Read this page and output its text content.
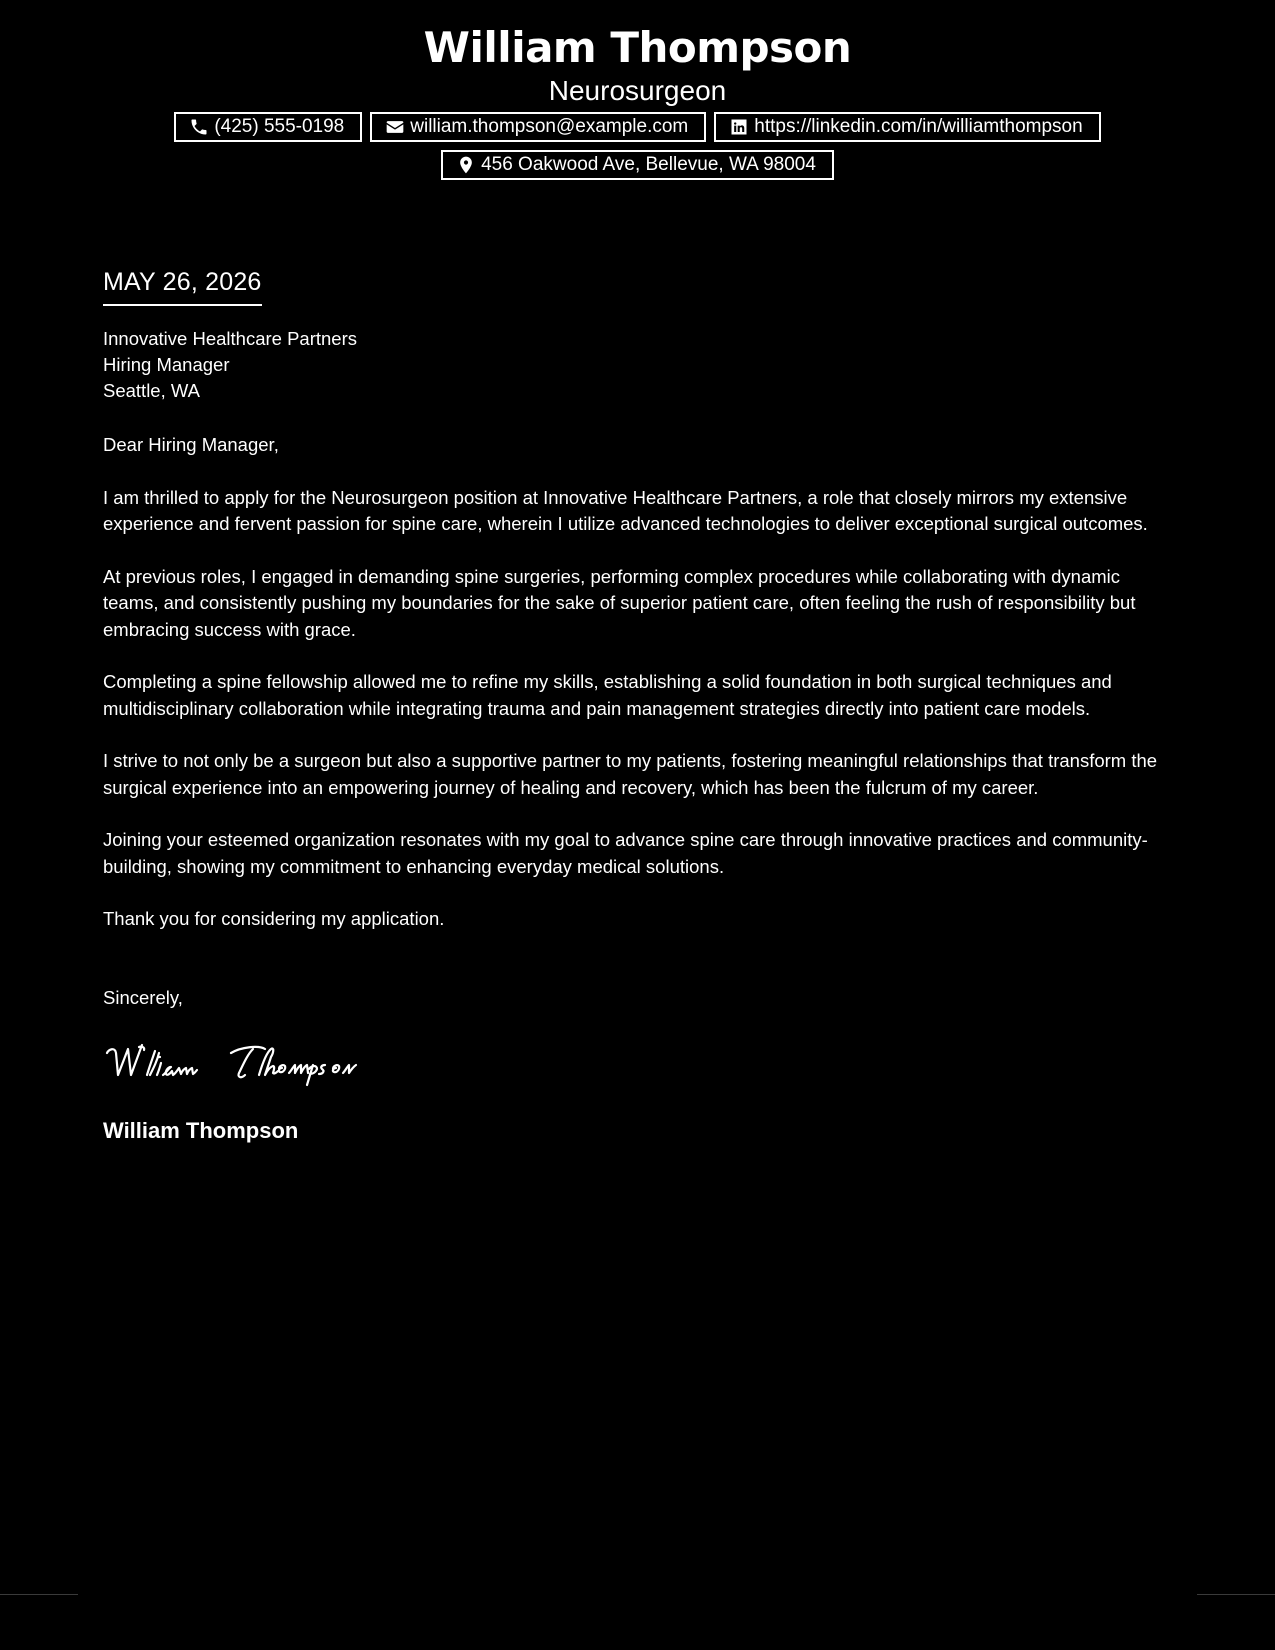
William Thompson
Neurosurgeon
(425) 555-0198	william.thompson@example.com	https://linkedin.com/in/williamthompson
456 Oakwood Ave, Bellevue, WA 98004
MAY 26, 2026
Innovative Healthcare Partners
Hiring Manager
Seattle, WA
Dear Hiring Manager,

I am thrilled to apply for the Neurosurgeon position at Innovative Healthcare Partners, a role that closely mirrors my extensive experience and fervent passion for spine care, wherein I utilize advanced technologies to deliver exceptional surgical outcomes.

At previous roles, I engaged in demanding spine surgeries, performing complex procedures while collaborating with dynamic teams, and consistently pushing my boundaries for the sake of superior patient care, often feeling the rush of responsibility but embracing success with grace.

Completing a spine fellowship allowed me to refine my skills, establishing a solid foundation in both surgical techniques and multidisciplinary collaboration while integrating trauma and pain management strategies directly into patient care models.

I strive to not only be a surgeon but also a supportive partner to my patients, fostering meaningful relationships that transform the surgical experience into an empowering journey of healing and recovery, which has been the fulcrum of my career.

Joining your esteemed organization resonates with my goal to advance spine care through innovative practices and community-building, showing my commitment to enhancing everyday medical solutions.

Thank you for considering my application.

Sincerely,
William Thompson
